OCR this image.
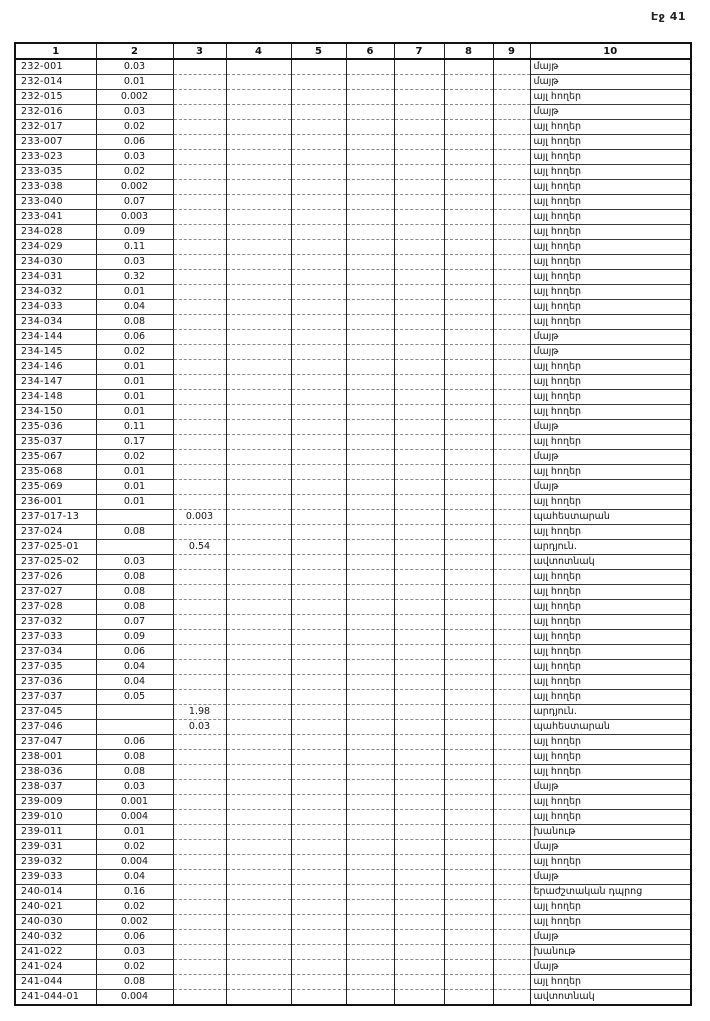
Էջ 41
1	2	3	4	5	6	7	8	9	10
232-001	0.03								մայթ

232-014	0.01								մայթ

232-015	0.002								այլ հողեր
232-016	0.03								մայթ

232-017	0.02								այլ հողեր
233-007	0.06								այլ հողեր
233-023	0.03								այլ հողեր
233-035	0.02								այլ հողեր
233-038	0.002								այլ հողեր
233-040	0.07								այլ հողեր
233-041	0.003								այլ հողեր
234-028	0.09								այլ հողեր
234-029	0.11								այլ հողեր
234-030	0.03								այլ հողեր
234-031	0.32								այլ հողեր
234-032	0.01								այլ հողեր
234-033	0.04								այլ հողեր
234-034	0.08								այլ հողեր
234-144	0.06								մայթ

234-145	0.02								մայթ

234-146	0.01								այլ հողեր
234-147	0.01								այլ հողեր
234-148	0.01								այլ հողեր
234-150	0.01								այլ հողեր
235-036	0.11								մայթ

235-037	0.17								այլ հողեր
235-067	0.02								մայթ

235-068	0.01								այլ հողեր
235-069	0.01								մայթ

236-001	0.01								այլ հողեր
237-017-13		0.003							պահեստարան
237-024	0.08								այլ հողեր
237-025-01		0.54							արդյուն.
237-025-02	0.03								ավտոտնակ
237-026	0.08								այլ հողեր
237-027	0.08								այլ հողեր
237-028	0.08								այլ հողեր
237-032	0.07								այլ հողեր
237-033	0.09								այլ հողեր
237-034	0.06								այլ հողեր
237-035	0.04								այլ հողեր
237-036	0.04								այլ հողեր
237-037	0.05								այլ հողեր
237-045		1.98							արդյուն.
237-046		0.03							պահեստարան
237-047	0.06								այլ հողեր
238-001	0.08								այլ հողեր
238-036	0.08								այլ հողեր
238-037	0.03								մայթ

239-009	0.001								այլ հողեր
239-010	0.004								այլ հողեր
239-011	0.01								խանութ
239-031	0.02								մայթ

239-032	0.004								այլ հողեր
239-033	0.04								մայթ

240-014	0.16								երաժշտական դպրոց
240-021	0.02								այլ հողեր
240-030	0.002								այլ հողեր
240-032	0.06								մայթ

241-022	0.03								խանութ
241-024	0.02								մայթ

241-044	0.08								այլ հողեր
241-044-01	0.004								ավտոտնակ
